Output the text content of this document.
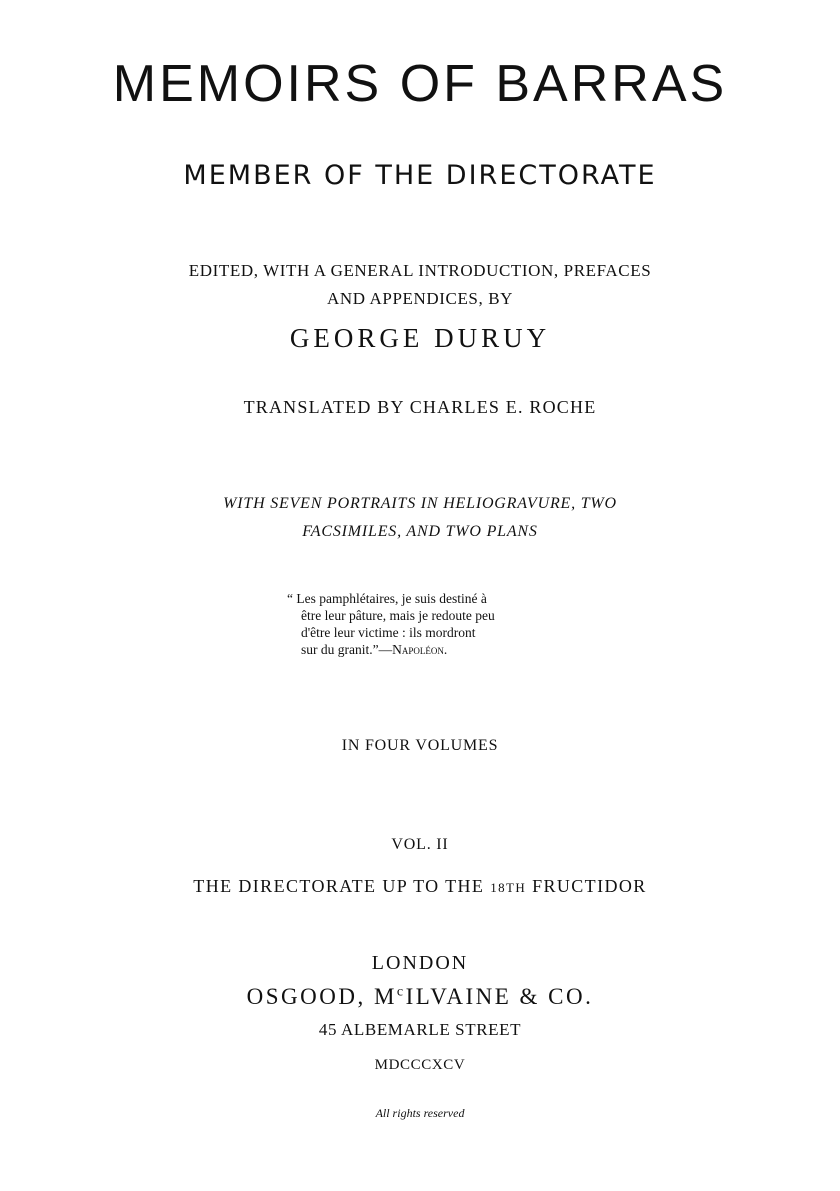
MEMOIRS OF BARRAS
MEMBER OF THE DIRECTORATE
EDITED, WITH A GENERAL INTRODUCTION, PREFACES
AND APPENDICES, BY
GEORGE DURUY
TRANSLATED BY CHARLES E. ROCHE
WITH SEVEN PORTRAITS IN HELIOGRAVURE, TWO
FACSIMILES, AND TWO PLANS
“ Les pamphlétaires, je suis destiné à
être leur pâture, mais je redoute peu
d'être leur victime : ils mordront
sur du granit.”—Napoléon.
IN FOUR VOLUMES
VOL. II
THE DIRECTORATE UP TO THE 18TH FRUCTIDOR
LONDON
OSGOOD, $M^cILVAINE$ & CO.
45 ALBEMARLE STREET
MDCCCXCV
All rights reserved
